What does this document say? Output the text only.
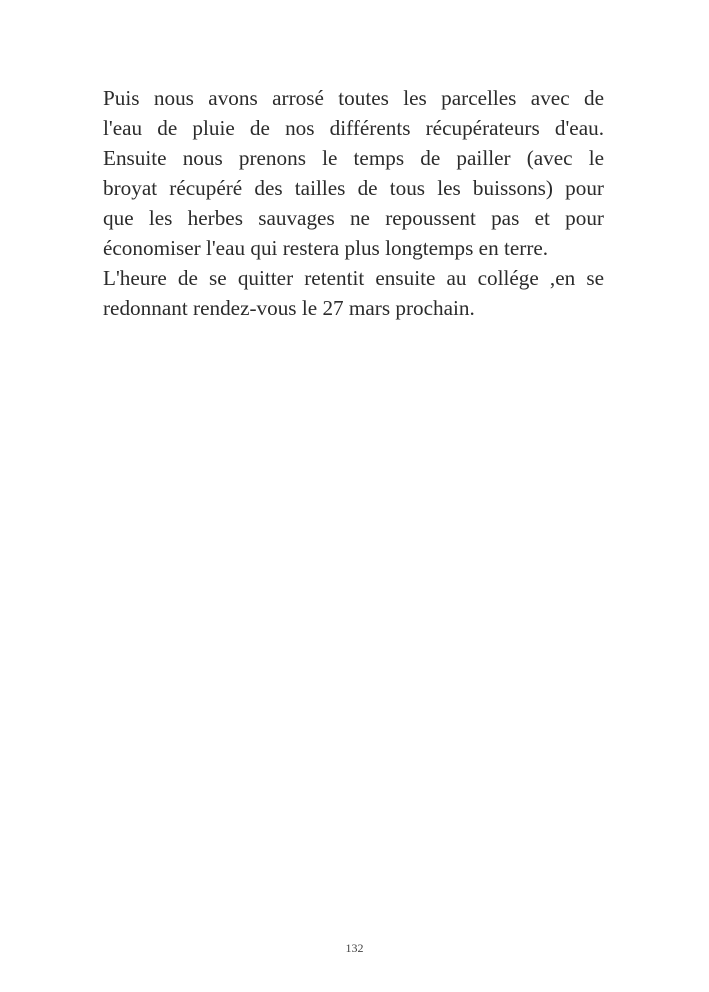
Puis nous avons arrosé toutes les parcelles avec de
l'eau de pluie de nos différents récupérateurs d'eau.
Ensuite nous prenons le temps de pailler (avec le
broyat récupéré des tailles de tous les buissons) pour
que les herbes sauvages ne repoussent pas et pour
économiser l'eau qui restera plus longtemps en terre.
L'heure de se quitter retentit ensuite au collége ,en se
redonnant rendez-vous le 27 mars prochain.
132
